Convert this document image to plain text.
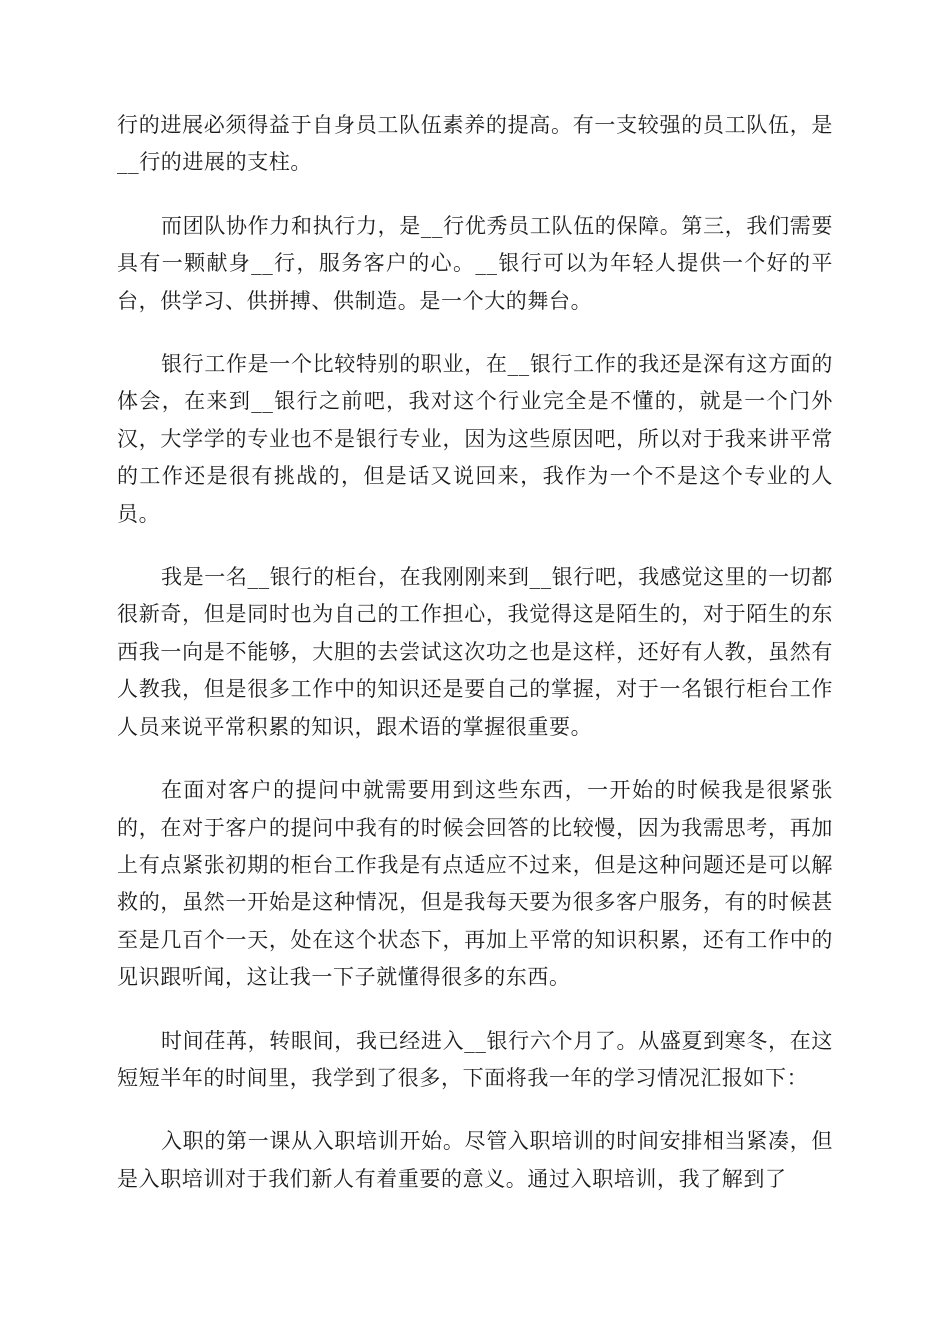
行的进展必须得益于自身员工队伍素养的提高。有一支较强的员工队伍，是__行的进展的支柱。

而团队协作力和执行力，是__行优秀员工队伍的保障。第三，我们需要具有一颗献身__行，服务客户的心。__银行可以为年轻人提供一个好的平台，供学习、供拼搏、供制造。是一个大的舞台。

银行工作是一个比较特别的职业，在__银行工作的我还是深有这方面的体会，在来到__银行之前吧，我对这个行业完全是不懂的，就是一个门外汉，大学学的专业也不是银行专业，因为这些原因吧，所以对于我来讲平常的工作还是很有挑战的，但是话又说回来，我作为一个不是这个专业的人员。

我是一名__银行的柜台，在我刚刚来到__银行吧，我感觉这里的一切都很新奇，但是同时也为自己的工作担心，我觉得这是陌生的，对于陌生的东西我一向是不能够，大胆的去尝试这次功之也是这样，还好有人教，虽然有人教我，但是很多工作中的知识还是要自己的掌握，对于一名银行柜台工作人员来说平常积累的知识，跟术语的掌握很重要。

在面对客户的提问中就需要用到这些东西，一开始的时候我是很紧张的，在对于客户的提问中我有的时候会回答的比较慢，因为我需思考，再加上有点紧张初期的柜台工作我是有点适应不过来，但是这种问题还是可以解救的，虽然一开始是这种情况，但是我每天要为很多客户服务，有的时候甚至是几百个一天，处在这个状态下，再加上平常的知识积累，还有工作中的见识跟听闻，这让我一下子就懂得很多的东西。

时间荏苒，转眼间，我已经进入__银行六个月了。从盛夏到寒冬，在这短短半年的时间里，我学到了很多，下面将我一年的学习情况汇报如下：

入职的第一课从入职培训开始。尽管入职培训的时间安排相当紧凑，但是入职培训对于我们新人有着重要的意义。通过入职培训，我了解到了
